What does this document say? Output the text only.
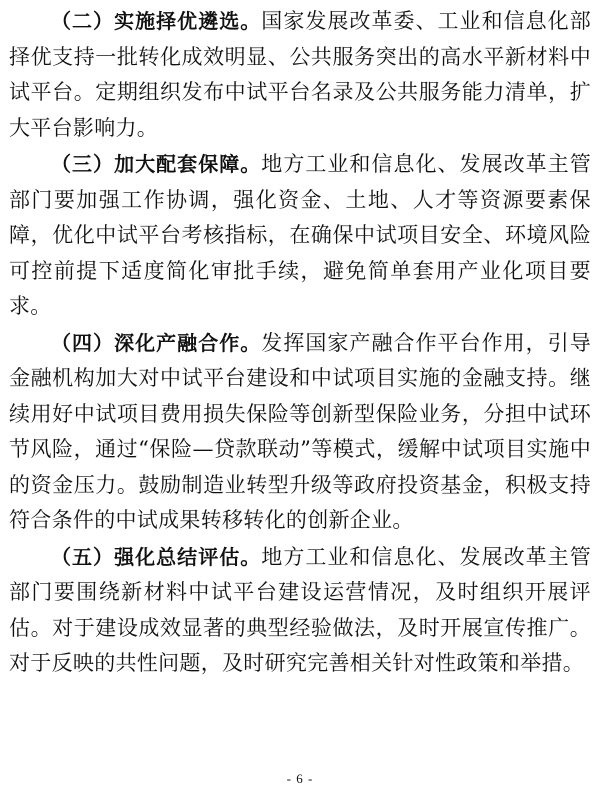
（二）实施择优遴选。国家发展改革委、工业和信息化部择优支持一批转化成效明显、公共服务突出的高水平新材料中试平台。定期组织发布中试平台名录及公共服务能力清单，扩大平台影响力。

（三）加大配套保障。地方工业和信息化、发展改革主管部门要加强工作协调，强化资金、土地、人才等资源要素保障，优化中试平台考核指标，在确保中试项目安全、环境风险可控前提下适度简化审批手续，避免简单套用产业化项目要求。

（四）深化产融合作。发挥国家产融合作平台作用，引导金融机构加大对中试平台建设和中试项目实施的金融支持。继续用好中试项目费用损失保险等创新型保险业务，分担中试环节风险，通过“保险—贷款联动”等模式，缓解中试项目实施中的资金压力。鼓励制造业转型升级等政府投资基金，积极支持符合条件的中试成果转移转化的创新企业。

（五）强化总结评估。地方工业和信息化、发展改革主管部门要围绕新材料中试平台建设运营情况，及时组织开展评估。对于建设成效显著的典型经验做法，及时开展宣传推广。对于反映的共性问题，及时研究完善相关针对性政策和举措。

- 6 -
